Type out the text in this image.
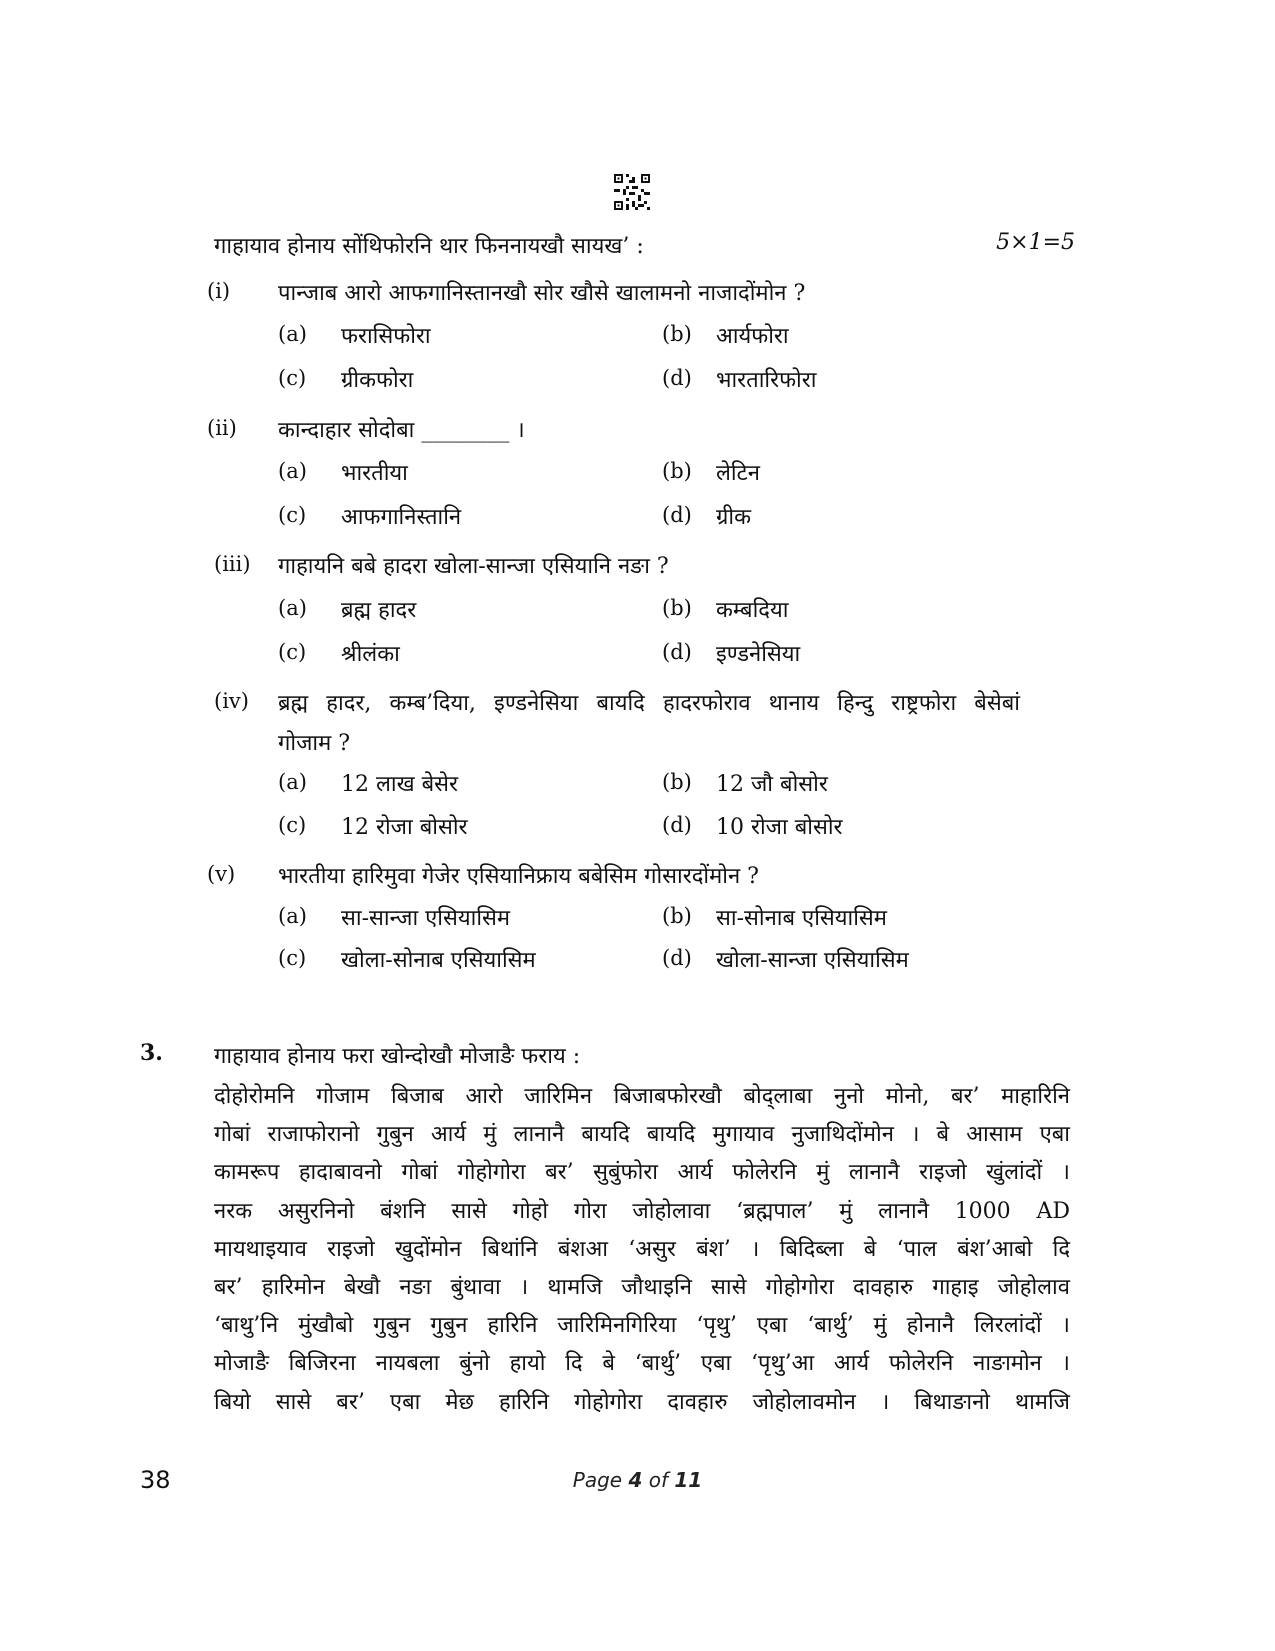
गाहायाव होनाय सोंथिफोरनि थार फिननायखौ सायख’ :	5×1=5
(i) पान्जाब आरो आफगानिस्तानखौ सोर खौसे खालामनो नाजादोंमोन ?
(a) फरासिफोरा	(b) आर्यफोरा
(c) ग्रीकफोरा	(d) भारतारिफोरा
(ii) कान्दाहार सोदोबा ________ ।
(a) भारतीया	(b) लेटिन
(c) आफगानिस्तानि	(d) ग्रीक
(iii) गाहायनि बबे हादरा खोला-सान्जा एसियानि नङा ?
(a) ब्रह्म हादर	(b) कम्बदिया
(c) श्रीलंका	(d) इण्डनेसिया
(iv) ब्रह्म हादर, कम्ब’दिया, इण्डनेसिया बायदि हादरफोराव थानाय हिन्दु राष्ट्रफोरा बेसेबां
गोजाम ?
(a) 12 लाख बेसेर	(b) 12 जौ बोसोर
(c) 12 रोजा बोसोर	(d) 10 रोजा बोसोर
(v) भारतीया हारिमुवा गेजेर एसियानिफ्राय बबेसिम गोसारदोंमोन ?
(a) सा-सान्जा एसियासिम	(b) सा-सोनाब एसियासिम
(c) खोला-सोनाब एसियासिम	(d) खोला-सान्जा एसियासिम
3. गाहायाव होनाय फरा खोन्दोखौ मोजाङै फराय :
दोहोरोमनि गोजाम बिजाब आरो जारिमिन बिजाबफोरखौ बोद्लाबा नुनो मोनो, बर’ माहारिनि
गोबां राजाफोरानो गुबुन आर्य मुं लानानै बायदि बायदि मुगायाव नुजाथिदोंमोन । बे आसाम एबा
कामरूप हादाबावनो गोबां गोहोगोरा बर’ सुबुंफोरा आर्य फोलेरनि मुं लानानै राइजो खुंलांदों ।
नरक असुरनिनो बंशनि सासे गोहो गोरा जोहोलावा ‘ब्रह्मपाल’ मुं लानानै 1000 AD
मायथाइयाव राइजो खुदोंमोन बिथांनि बंशआ ‘असुर बंश’ । बिदिब्ला बे ‘पाल बंश’आबो दि
बर’ हारिमोन बेखौ नङा बुंथावा । थामजि जौथाइनि सासे गोहोगोरा दावहारु गाहाइ जोहोलाव
‘बाथु’नि मुंखौबो गुबुन गुबुन हारिनि जारिमिनगिरिया ‘पृथु’ एबा ‘बार्थु’ मुं होनानै लिरलांदों ।
मोजाङै बिजिरना नायबला बुंनो हायो दि बे ‘बार्थु’ एबा ‘पृथु’आ आर्य फोलेरनि नाङामोन ।
बियो सासे बर’ एबा मेछ हारिनि गोहोगोरा दावहारु जोहोलावमोन । बिथाङानो थामजि
38	Page 4 of 11
